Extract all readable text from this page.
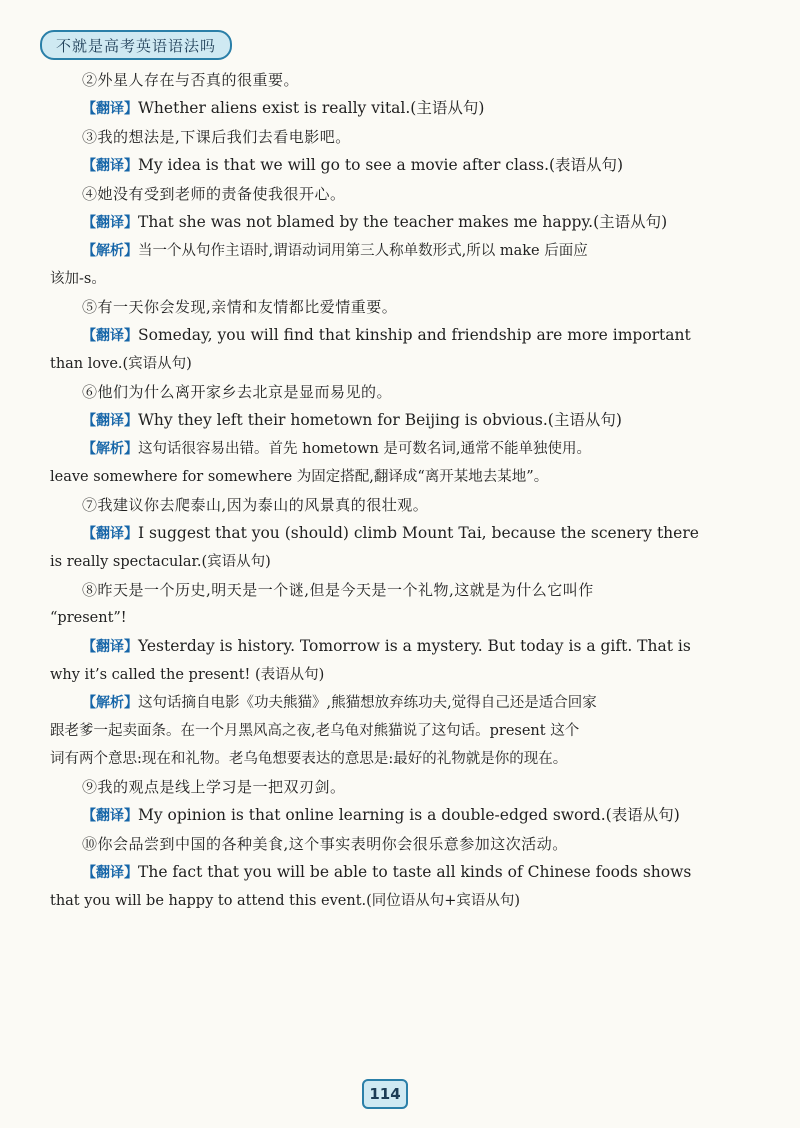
不就是高考英语语法吗
②外星人存在与否真的很重要。
【翻译】Whether aliens exist is really vital.(主语从句)
③我的想法是,下课后我们去看电影吧。
【翻译】My idea is that we will go to see a movie after class.(表语从句)
④她没有受到老师的责备使我很开心。
【翻译】That she was not blamed by the teacher makes me happy.(主语从句)
【解析】当一个从句作主语时,谓语动词用第三人称单数形式,所以 make 后面应
该加-s。
⑤有一天你会发现,亲情和友情都比爱情重要。
【翻译】Someday, you will find that kinship and friendship are more important
than love.(宾语从句)
⑥他们为什么离开家乡去北京是显而易见的。
【翻译】Why they left their hometown for Beijing is obvious.(主语从句)
【解析】这句话很容易出错。首先 hometown 是可数名词,通常不能单独使用。
leave somewhere for somewhere 为固定搭配,翻译成“离开某地去某地”。
⑦我建议你去爬泰山,因为泰山的风景真的很壮观。
【翻译】I suggest that you (should) climb Mount Tai, because the scenery there
is really spectacular.(宾语从句)
⑧昨天是一个历史,明天是一个谜,但是今天是一个礼物,这就是为什么它叫作
“present”!
【翻译】Yesterday is history. Tomorrow is a mystery. But today is a gift. That is
why it’s called the present! (表语从句)
【解析】这句话摘自电影《功夫熊猫》,熊猫想放弃练功夫,觉得自己还是适合回家
跟老爹一起卖面条。在一个月黑风高之夜,老乌龟对熊猫说了这句话。present 这个
词有两个意思:现在和礼物。老乌龟想要表达的意思是:最好的礼物就是你的现在。
⑨我的观点是线上学习是一把双刃剑。
【翻译】My opinion is that online learning is a double-edged sword.(表语从句)
⑩你会品尝到中国的各种美食,这个事实表明你会很乐意参加这次活动。
【翻译】The fact that you will be able to taste all kinds of Chinese foods shows
that you will be happy to attend this event.(同位语从句+宾语从句)
114
